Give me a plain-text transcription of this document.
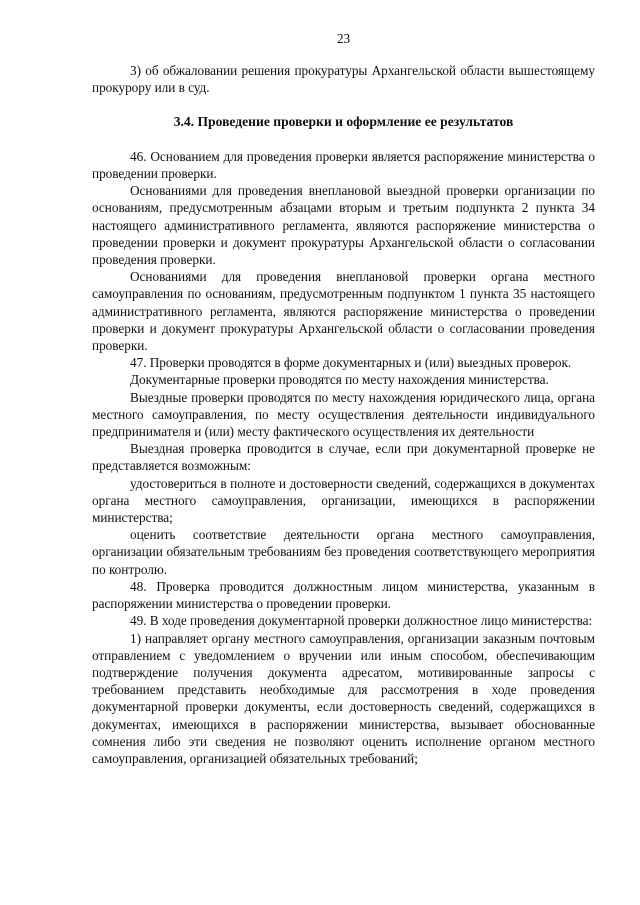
23

3) об обжаловании решения прокуратуры Архангельской области вышестоящему прокурору или в суд.

3.4. Проведение проверки и оформление ее результатов

46. Основанием для проведения проверки является распоряжение министерства о проведении проверки.

Основаниями для проведения внеплановой выездной проверки организации по основаниям, предусмотренным абзацами вторым и третьим подпункта 2 пункта 34 настоящего административного регламента, являются распоряжение министерства о проведении проверки и документ прокуратуры Архангельской области о согласовании проведения проверки.

Основаниями для проведения внеплановой проверки органа местного самоуправления по основаниям, предусмотренным подпунктом 1 пункта 35 настоящего административного регламента, являются распоряжение министерства о проведении проверки и документ прокуратуры Архангельской области о согласовании проведения проверки.

47. Проверки проводятся в форме документарных и (или) выездных проверок.

Документарные проверки проводятся по месту нахождения министерства.

Выездные проверки проводятся по месту нахождения юридического лица, органа местного самоуправления, по месту осуществления деятельности индивидуального предпринимателя и (или) месту фактического осуществления их деятельности

Выездная проверка проводится в случае, если при документарной проверке не представляется возможным:

удостовериться в полноте и достоверности сведений, содержащихся в документах органа местного самоуправления, организации, имеющихся в распоряжении министерства;

оценить соответствие деятельности органа местного самоуправления, организации обязательным требованиям без проведения соответствующего мероприятия по контролю.

48. Проверка проводится должностным лицом министерства, указанным в распоряжении министерства о проведении проверки.

49. В ходе проведения документарной проверки должностное лицо министерства:

1) направляет органу местного самоуправления, организации заказным почтовым отправлением с уведомлением о вручении или иным способом, обеспечивающим подтверждение получения документа адресатом, мотивированные запросы с требованием представить необходимые для рассмотрения в ходе проведения документарной проверки документы, если достоверность сведений, содержащихся в документах, имеющихся в распоряжении министерства, вызывает обоснованные сомнения либо эти сведения не позволяют оценить исполнение органом местного самоуправления, организацией обязательных требований;
